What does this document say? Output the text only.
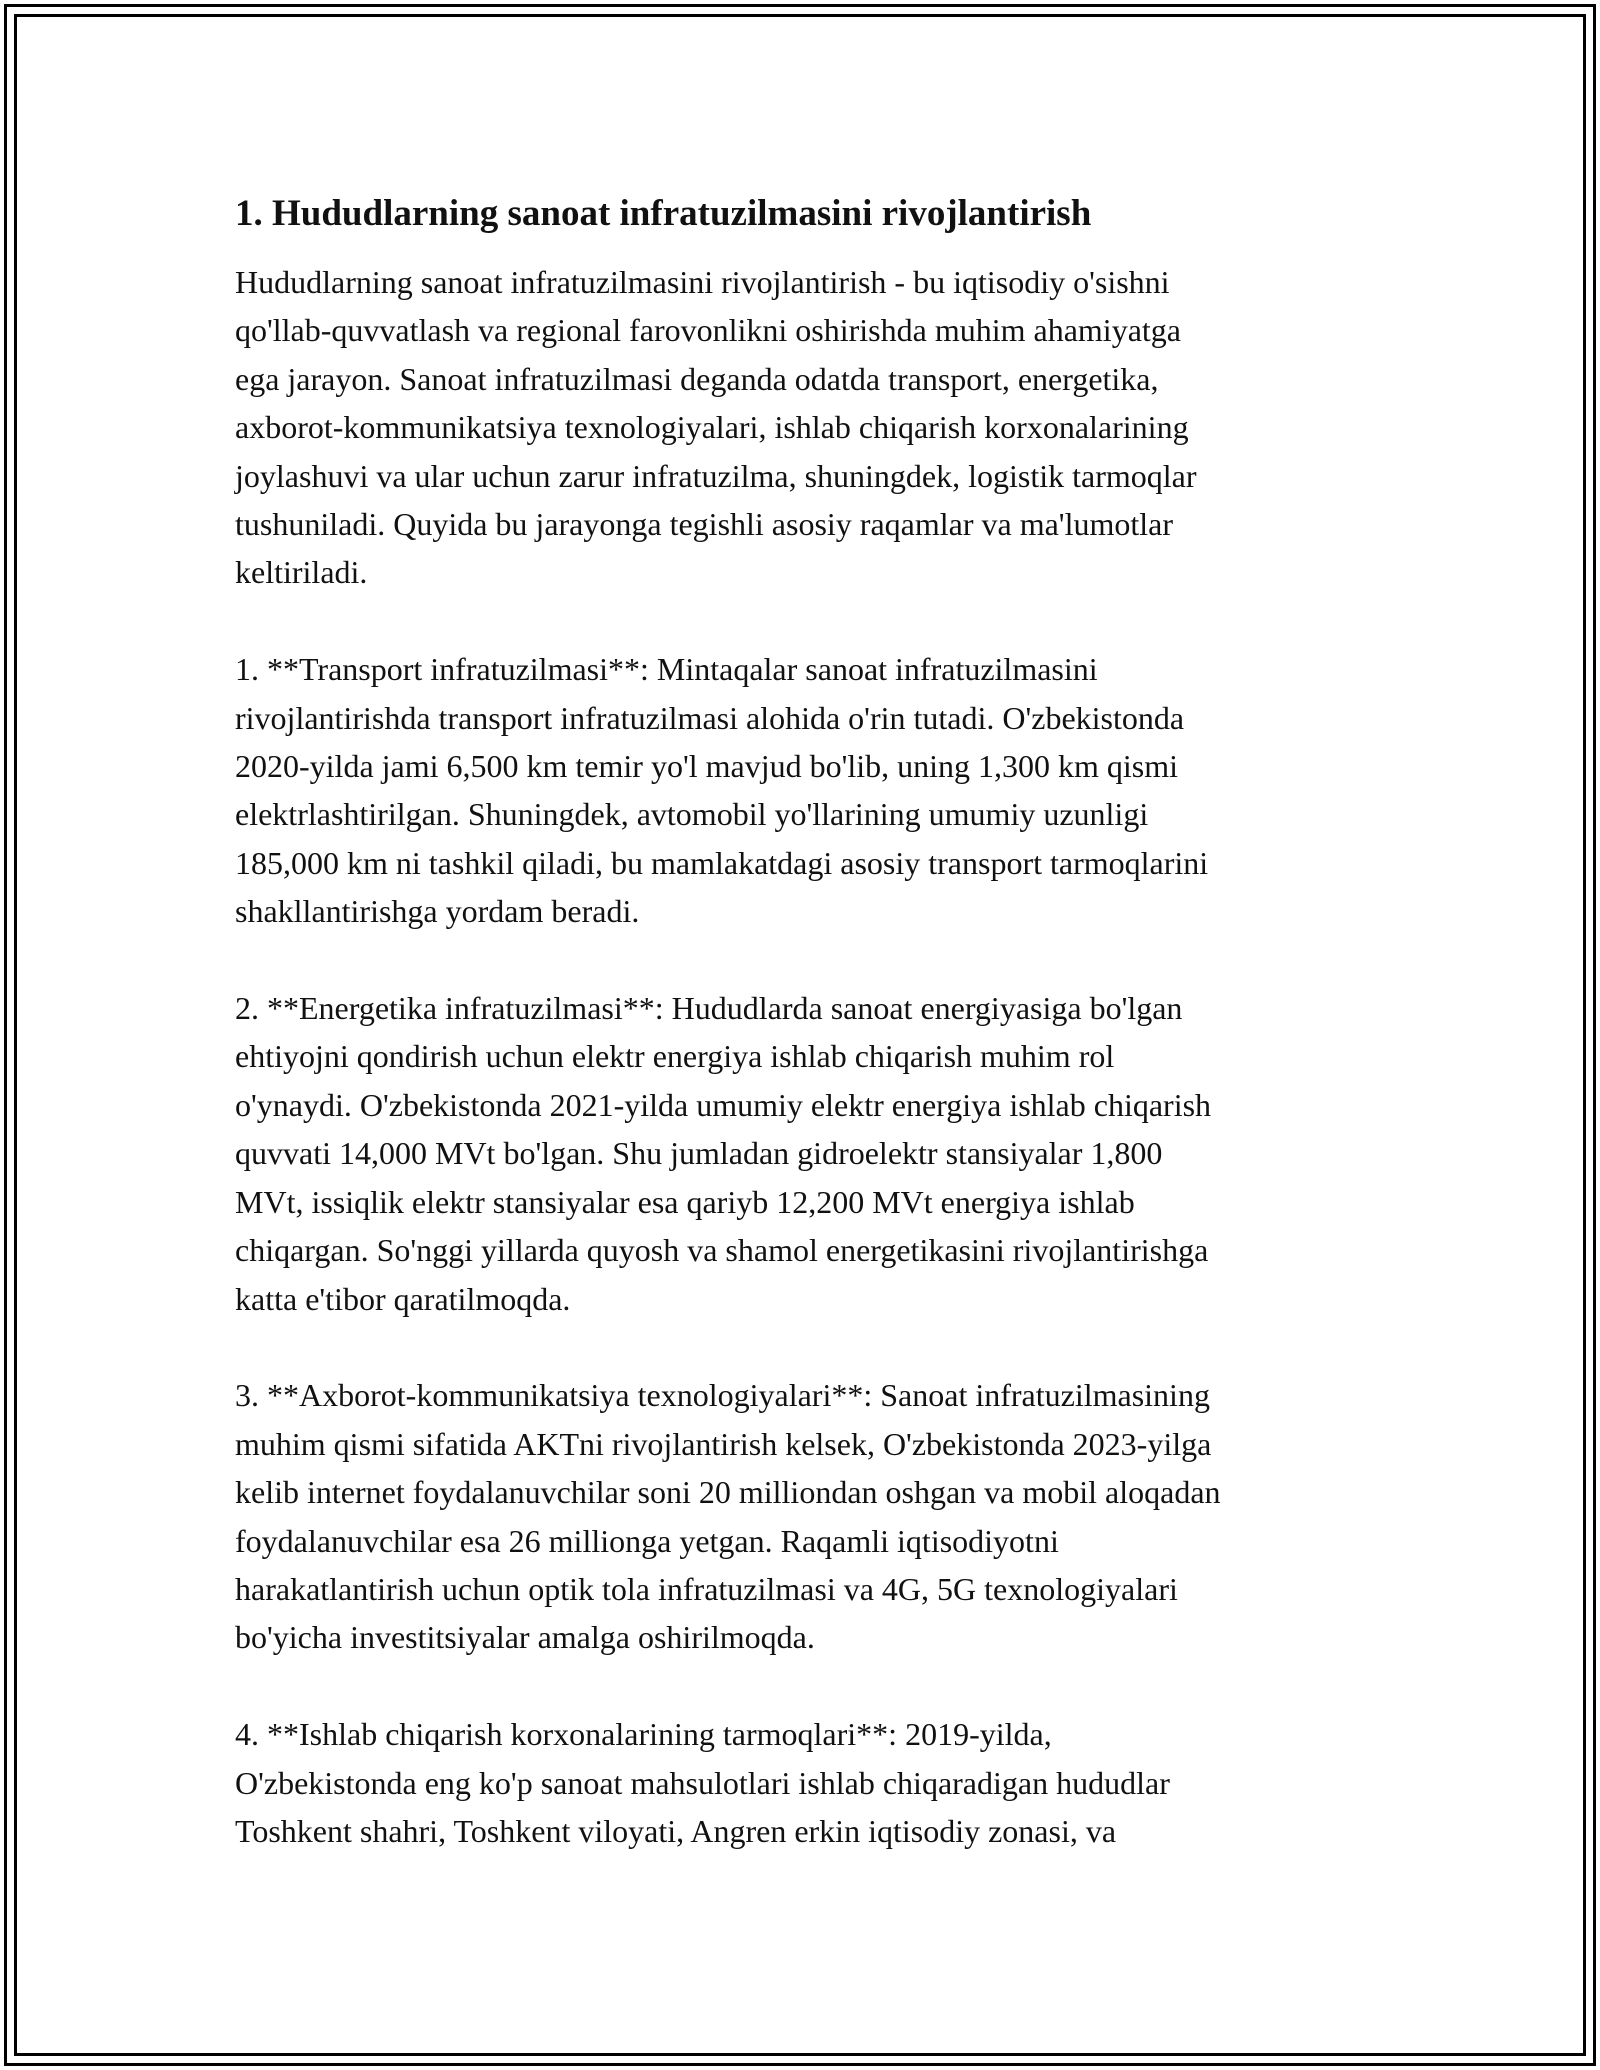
1. Hududlarning sanoat infratuzilmasini rivojlantirish

Hududlarning sanoat infratuzilmasini rivojlantirish - bu iqtisodiy o'sishni
qo'llab-quvvatlash va regional farovonlikni oshirishda muhim ahamiyatga
ega jarayon. Sanoat infratuzilmasi deganda odatda transport, energetika,
axborot-kommunikatsiya texnologiyalari, ishlab chiqarish korxonalarining
joylashuvi va ular uchun zarur infratuzilma, shuningdek, logistik tarmoqlar
tushuniladi. Quyida bu jarayonga tegishli asosiy raqamlar va ma'lumotlar
keltiriladi.

1. **Transport infratuzilmasi**: Mintaqalar sanoat infratuzilmasini
rivojlantirishda transport infratuzilmasi alohida o'rin tutadi. O'zbekistonda
2020-yilda jami 6,500 km temir yo'l mavjud bo'lib, uning 1,300 km qismi
elektrlashtirilgan. Shuningdek, avtomobil yo'llarining umumiy uzunligi
185,000 km ni tashkil qiladi, bu mamlakatdagi asosiy transport tarmoqlarini
shakllantirishga yordam beradi.

2. **Energetika infratuzilmasi**: Hududlarda sanoat energiyasiga bo'lgan
ehtiyojni qondirish uchun elektr energiya ishlab chiqarish muhim rol
o'ynaydi. O'zbekistonda 2021-yilda umumiy elektr energiya ishlab chiqarish
quvvati 14,000 MVt bo'lgan. Shu jumladan gidroelektr stansiyalar 1,800
MVt, issiqlik elektr stansiyalar esa qariyb 12,200 MVt energiya ishlab
chiqargan. So'nggi yillarda quyosh va shamol energetikasini rivojlantirishga
katta e'tibor qaratilmoqda.

3. **Axborot-kommunikatsiya texnologiyalari**: Sanoat infratuzilmasining
muhim qismi sifatida AKTni rivojlantirish kelsek, O'zbekistonda 2023-yilga
kelib internet foydalanuvchilar soni 20 milliondan oshgan va mobil aloqadan
foydalanuvchilar esa 26 millionga yetgan. Raqamli iqtisodiyotni
harakatlantirish uchun optik tola infratuzilmasi va 4G, 5G texnologiyalari
bo'yicha investitsiyalar amalga oshirilmoqda.

4. **Ishlab chiqarish korxonalarining tarmoqlari**: 2019-yilda,
O'zbekistonda eng ko'p sanoat mahsulotlari ishlab chiqaradigan hududlar
Toshkent shahri, Toshkent viloyati, Angren erkin iqtisodiy zonasi, va
